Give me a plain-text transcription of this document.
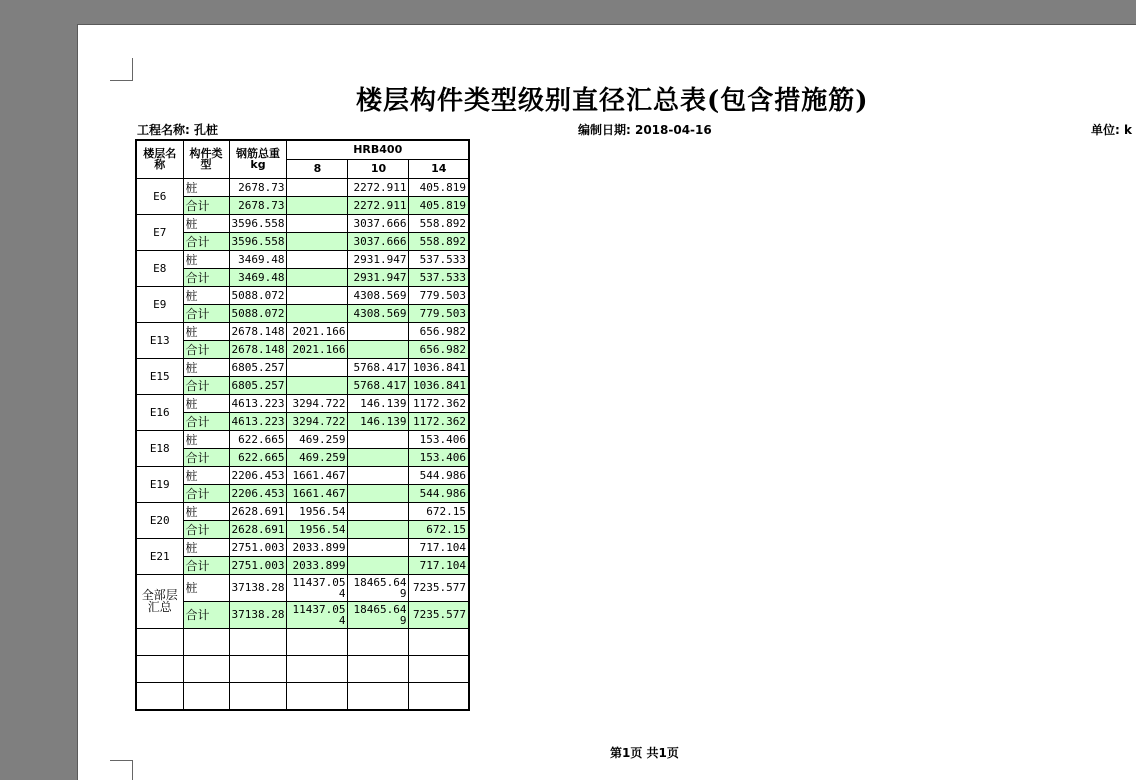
楼层构件类型级别直径汇总表(包含措施筋)
工程名称: 孔桩	编制日期: 2018-04-16	单位: k
楼层名称	构件类型	钢筋总重kg	HRB400		
			8	10	14
E6	桩	2678.73		2272.911	405.819
	合计	2678.73		2272.911	405.819
E7	桩	3596.558		3037.666	558.892
	合计	3596.558		3037.666	558.892
E8	桩	3469.48		2931.947	537.533
	合计	3469.48		2931.947	537.533
E9	桩	5088.072		4308.569	779.503
	合计	5088.072		4308.569	779.503
E13	桩	2678.148	2021.166		656.982
	合计	2678.148	2021.166		656.982
E15	桩	6805.257		5768.417	1036.841
	合计	6805.257		5768.417	1036.841
E16	桩	4613.223	3294.722	146.139	1172.362
	合计	4613.223	3294.722	146.139	1172.362
E18	桩	622.665	469.259		153.406
	合计	622.665	469.259		153.406
E19	桩	2206.453	1661.467		544.986
	合计	2206.453	1661.467		544.986
E20	桩	2628.691	1956.54		672.15
	合计	2628.691	1956.54		672.15
E21	桩	2751.003	2033.899		717.104
	合计	2751.003	2033.899		717.104
全部层汇总	桩	37138.28	11437.054	18465.649	7235.577
	合计	37138.28	11437.054	18465.649	7235.577

第1页 共1页
